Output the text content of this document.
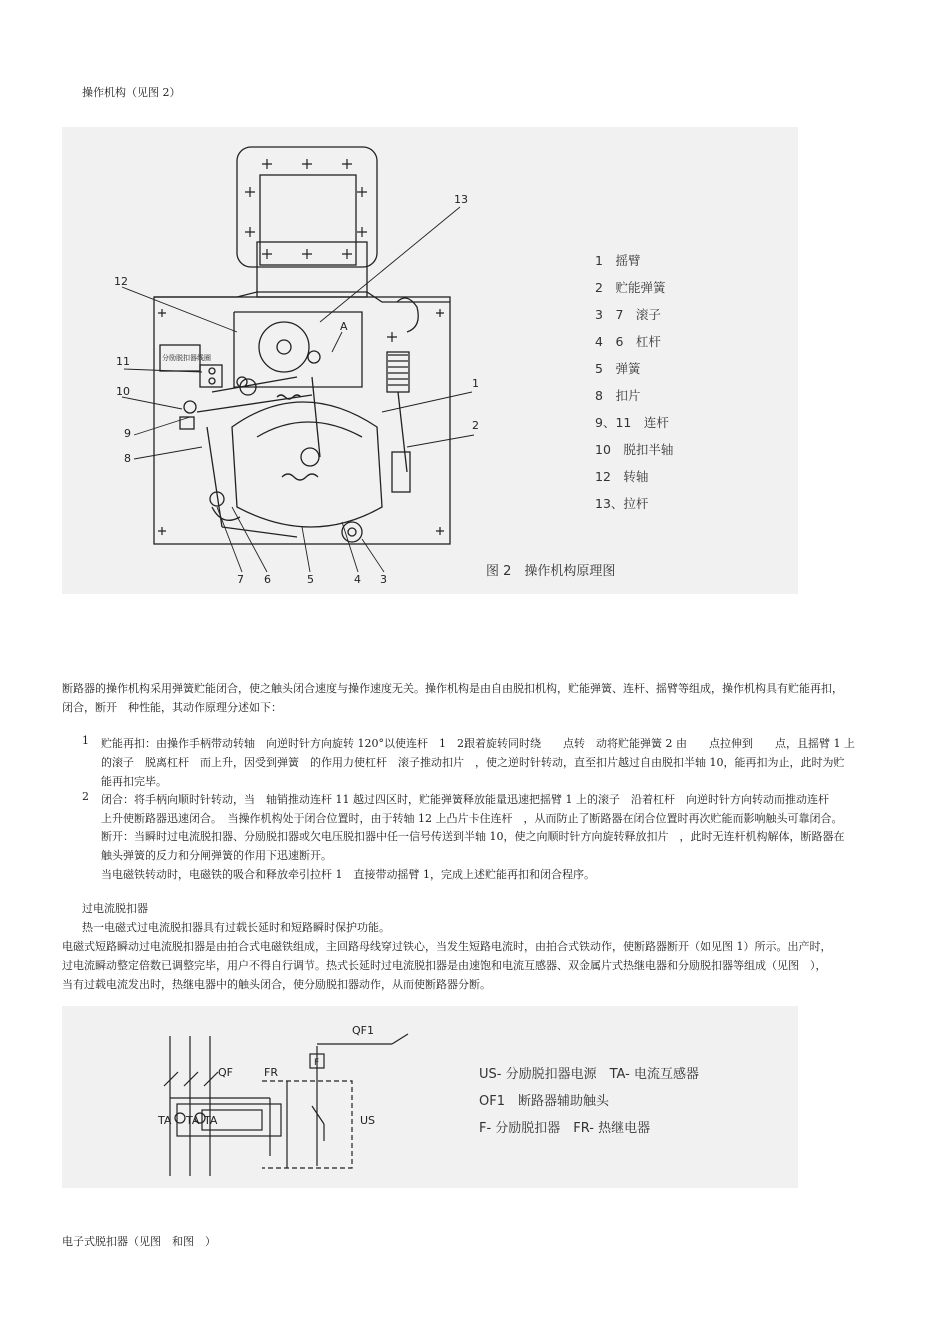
操作机构（见图 2）
13
12
A
11
10
9
8
1
2
7 6	5	4 3
分励脱扣器线圈
1　摇臂
2　贮能弹簧
3　7　滚子
4　6　杠杆
5　弹簧
8　扣片
9、11　连杆
10　脱扣半轴
12　转轴
13、拉杆
图 2　操作机构原理图
断路器的操作机构采用弹簧贮能闭合，使之触头闭合速度与操作速度无关。操作机构是由自由脱扣机构，贮能弹簧、连杆、摇臂等组成，操作机构具有贮能再扣，
闭合，断开　种性能，其动作原理分述如下：
1 贮能再扣：由操作手柄带动转轴　向逆时针方向旋转 120°以使连杆　1　2跟着旋转同时绕　　点转　动将贮能弹簧 2 由　　点拉伸到　　点，且摇臂 1 上
的滚子　脱离杠杆　而上升，因受到弹簧　的作用力使杠杆　滚子推动扣片　，使之逆时针转动，直至扣片越过自由脱扣半轴 10，能再扣为止，此时为贮
能再扣完毕。
2 闭合：将手柄向顺时针转动，当　轴销推动连杆 11 越过四区时，贮能弹簧释放能量迅速把摇臂 1 上的滚子　沿着杠杆　向逆时针方向转动而推动连杆
上升使断路器迅速闭合。　当操作机构处于闭合位置时，由于转轴 12 上凸片卡住连杆　，从而防止了断路器在闭合位置时再次贮能而影响触头可靠闭合。
断开：当瞬时过电流脱扣器、分励脱扣器或欠电压脱扣器中任一信号传送到半轴 10，使之向顺时针方向旋转释放扣片　，此时无连杆机构解体，断路器在
触头弹簧的反力和分闸弹簧的作用下迅速断开。
当电磁铁转动时，电磁铁的吸合和释放牵引拉杆 1　直接带动摇臂 1，完成上述贮能再扣和闭合程序。
过电流脱扣器
热一电磁式过电流脱扣器具有过载长延时和短路瞬时保护功能。
电磁式短路瞬动过电流脱扣器是由拍合式电磁铁组成，主回路母线穿过铁心，当发生短路电流时，由拍合式铁动作，使断路器断开（如见图 1）所示。出产时，
过电流瞬动整定倍数已调整完毕，用户不得自行调节。热式长延时过电流脱扣器是由速饱和电流互感器、双金属片式热继电器和分励脱扣器等组成（见图　），
当有过载电流发出时，热继电器中的触头闭合，使分励脱扣器动作，从而使断路器分断。
QF
QF1
FR
F
US
TA TA TA
US- 分励脱扣器电源　TA- 电流互感器
OF1　断路器辅助触头
F- 分励脱扣器　FR- 热继电器
电子式脱扣器（见图　和图　）
